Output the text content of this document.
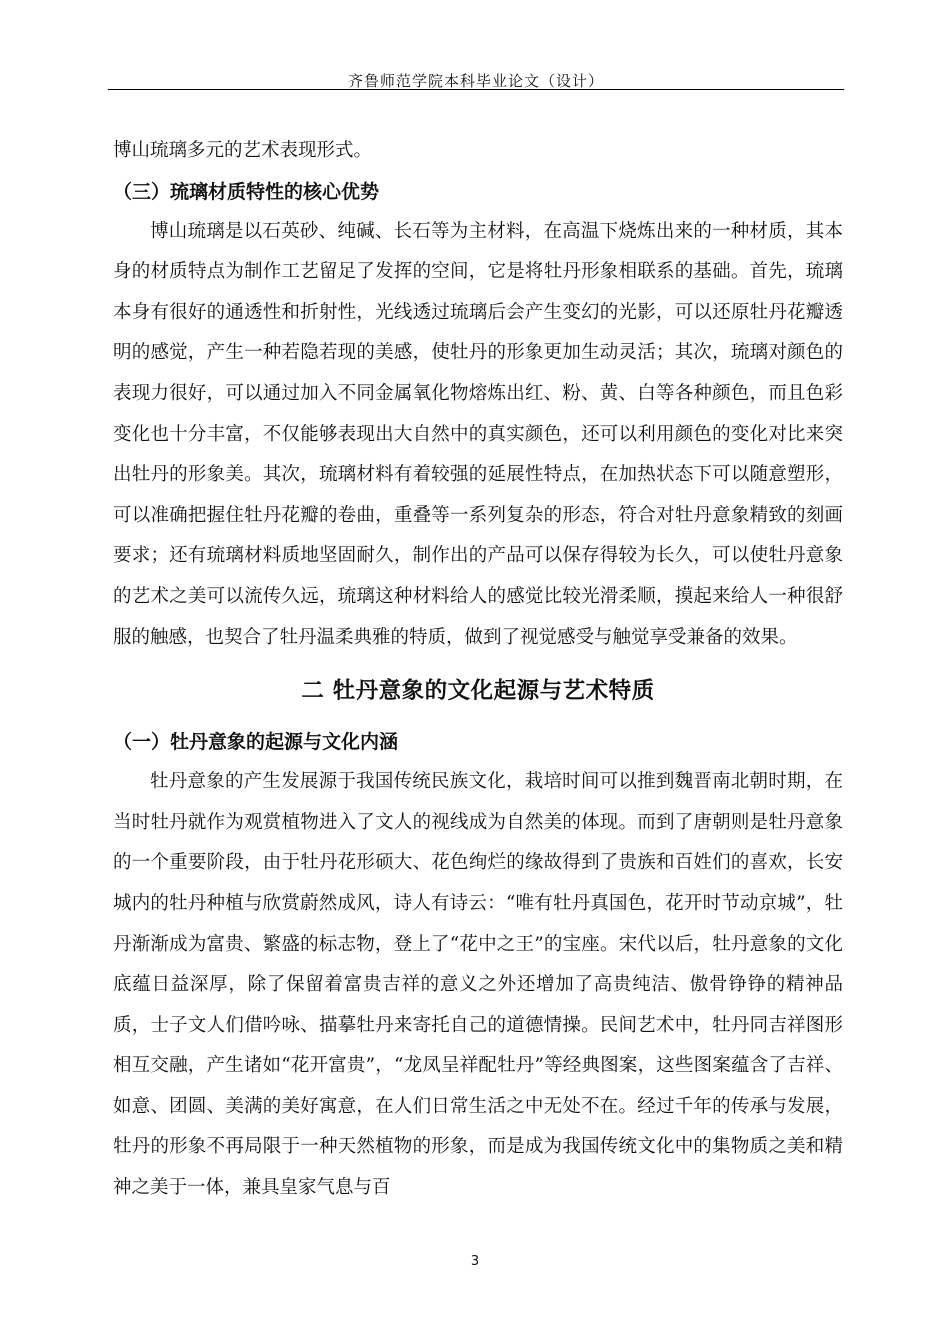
齐鲁师范学院本科毕业论文（设计）

博山琉璃多元的艺术表现形式。

（三）琉璃材质特性的核心优势

博山琉璃是以石英砂、纯碱、长石等为主材料，在高温下烧炼出来的一种材质，其本身的材质特点为制作工艺留足了发挥的空间，它是将牡丹形象相联系的基础。首先，琉璃本身有很好的通透性和折射性，光线透过琉璃后会产生变幻的光影，可以还原牡丹花瓣透明的感觉，产生一种若隐若现的美感，使牡丹的形象更加生动灵活；其次，琉璃对颜色的表现力很好，可以通过加入不同金属氧化物熔炼出红、粉、黄、白等各种颜色，而且色彩变化也十分丰富，不仅能够表现出大自然中的真实颜色，还可以利用颜色的变化对比来突出牡丹的形象美。其次，琉璃材料有着较强的延展性特点，在加热状态下可以随意塑形，可以准确把握住牡丹花瓣的卷曲，重叠等一系列复杂的形态，符合对牡丹意象精致的刻画要求；还有琉璃材料质地坚固耐久，制作出的产品可以保存得较为长久，可以使牡丹意象的艺术之美可以流传久远，琉璃这种材料给人的感觉比较光滑柔顺，摸起来给人一种很舒服的触感，也契合了牡丹温柔典雅的特质，做到了视觉感受与触觉享受兼备的效果。

二 牡丹意象的文化起源与艺术特质
（一）牡丹意象的起源与文化内涵

牡丹意象的产生发展源于我国传统民族文化，栽培时间可以推到魏晋南北朝时期，在当时牡丹就作为观赏植物进入了文人的视线成为自然美的体现。而到了唐朝则是牡丹意象的一个重要阶段，由于牡丹花形硕大、花色绚烂的缘故得到了贵族和百姓们的喜欢，长安城内的牡丹种植与欣赏蔚然成风，诗人有诗云：“唯有牡丹真国色，花开时节动京城”，牡丹渐渐成为富贵、繁盛的标志物，登上了“花中之王”的宝座。宋代以后，牡丹意象的文化底蕴日益深厚，除了保留着富贵吉祥的意义之外还增加了高贵纯洁、傲骨铮铮的精神品质，士子文人们借吟咏、描摹牡丹来寄托自己的道德情操。民间艺术中，牡丹同吉祥图形相互交融，产生诸如“花开富贵”，“龙凤呈祥配牡丹”等经典图案，这些图案蕴含了吉祥、如意、团圆、美满的美好寓意，在人们日常生活之中无处不在。经过千年的传承与发展，牡丹的形象不再局限于一种天然植物的形象，而是成为我国传统文化中的集物质之美和精神之美于一体，兼具皇家气息与百

3
